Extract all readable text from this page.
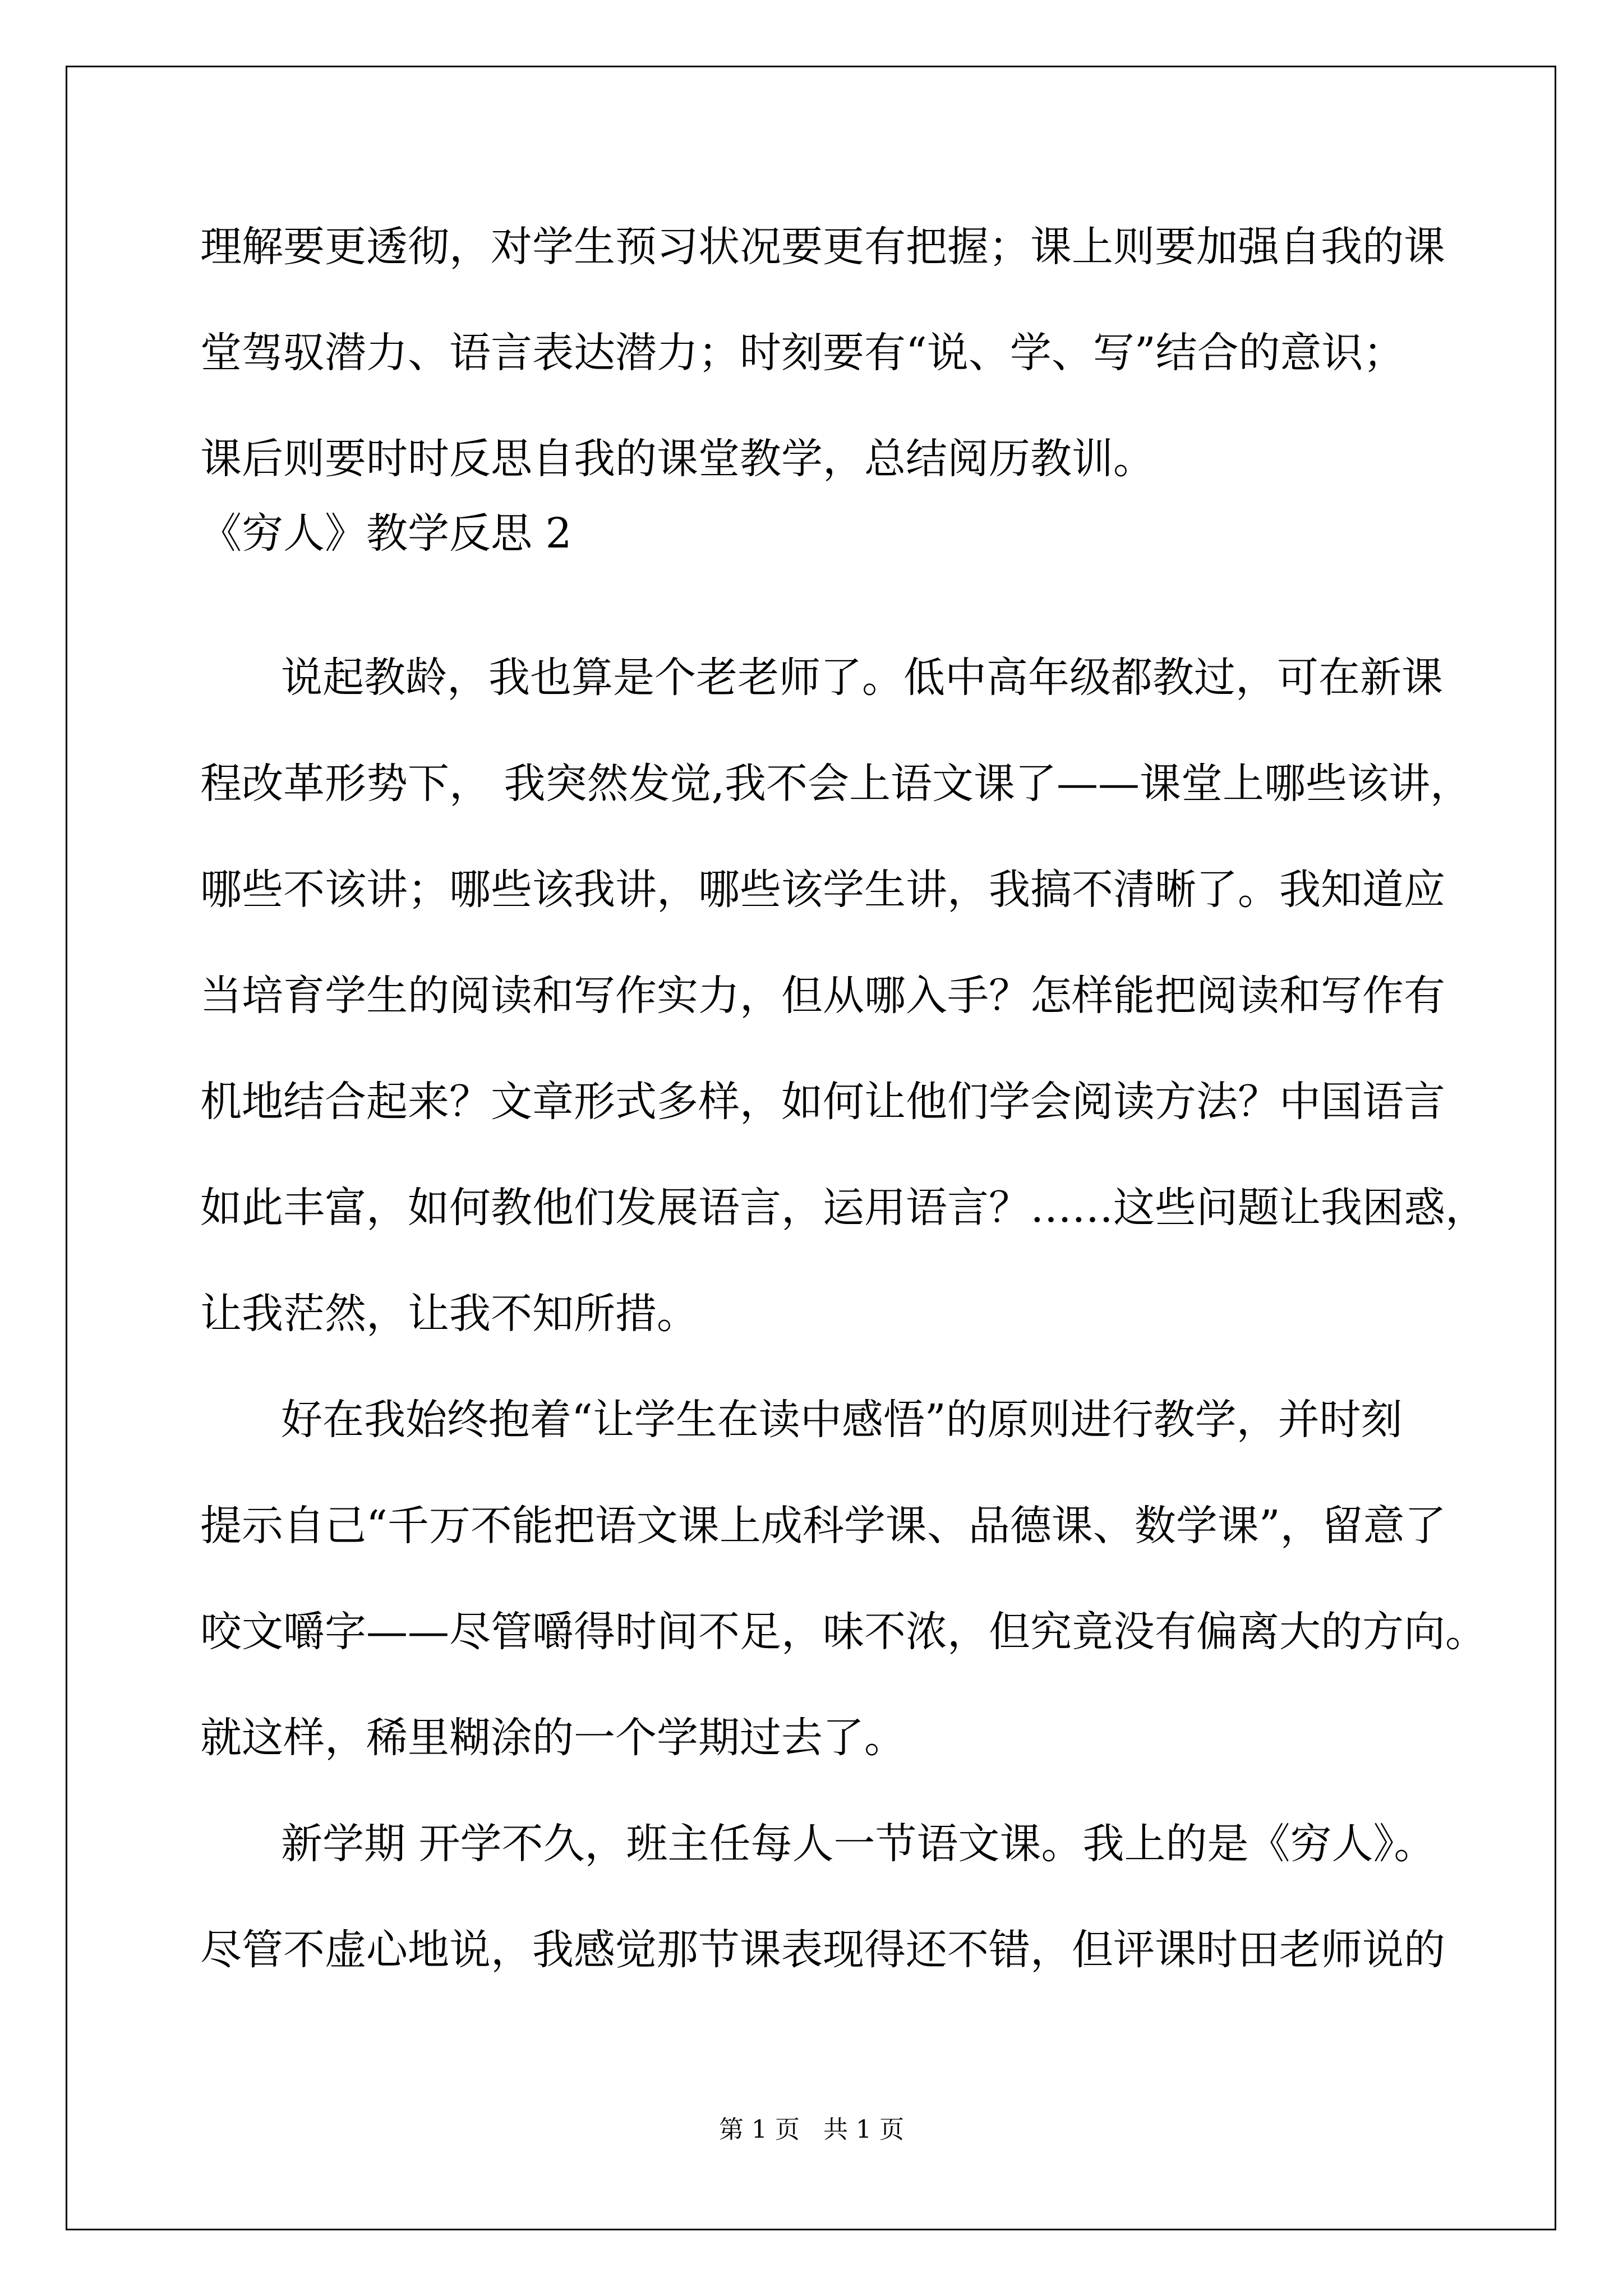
理解要更透彻，对学生预习状况要更有把握；课上则要加强自我的课
堂驾驭潜力、语言表达潜力；时刻要有“说、学、写”结合的意识；
课后则要时时反思自我的课堂教学，总结阅历教训。
《穷人》教学反思 2
说起教龄，我也算是个老老师了。低中高年级都教过，可在新课
程改革形势下， 我突然发觉,我不会上语文课了——课堂上哪些该讲，
哪些不该讲；哪些该我讲，哪些该学生讲，我搞不清晰了。我知道应
当培育学生的阅读和写作实力，但从哪入手？怎样能把阅读和写作有
机地结合起来？文章形式多样，如何让他们学会阅读方法？中国语言
如此丰富，如何教他们发展语言，运用语言？……这些问题让我困惑，
让我茫然，让我不知所措。
好在我始终抱着“让学生在读中感悟”的原则进行教学，并时刻
提示自己“千万不能把语文课上成科学课、品德课、数学课”，留意了
咬文嚼字——尽管嚼得时间不足，味不浓，但究竟没有偏离大的方向。
就这样，稀里糊涂的一个学期过去了。
新学期 开学不久，班主任每人一节语文课。我上的是《穷人》。
尽管不虚心地说，我感觉那节课表现得还不错，但评课时田老师说的
第 1 页   共 1 页
